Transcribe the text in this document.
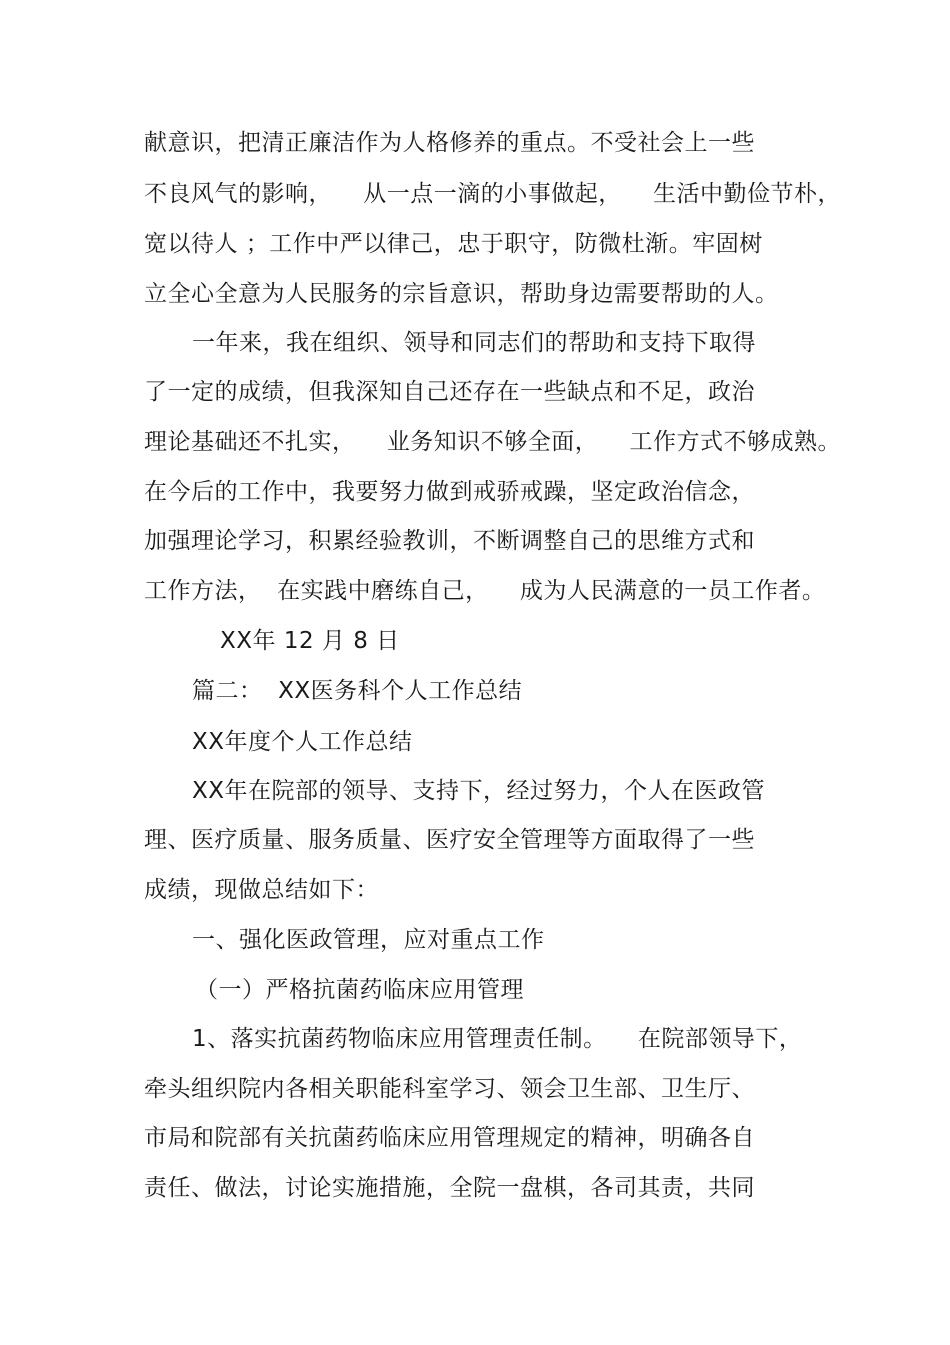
献意识，把清正廉洁作为人格修养的重点。不受社会上一些
不良风气的影响，    从一点一滴的小事做起，    生活中勤俭节朴，
宽以待人 ；工作中严以律己，忠于职守，防微杜渐。牢固树
立全心全意为人民服务的宗旨意识，帮助身边需要帮助的人。
一年来，我在组织、领导和同志们的帮助和支持下取得
了一定的成绩，但我深知自己还存在一些缺点和不足，政治
理论基础还不扎实，    业务知识不够全面，    工作方式不够成熟。
在今后的工作中，我要努力做到戒骄戒躁，坚定政治信念，
加强理论学习，积累经验教训，不断调整自己的思维方式和
工作方法，  在实践中磨练自己，    成为人民满意的一员工作者。
XX年 12 月 8 日
篇二：  XX医务科个人工作总结
XX年度个人工作总结
XX年在院部的领导、支持下，经过努力，个人在医政管
理、医疗质量、服务质量、医疗安全管理等方面取得了一些
成绩，现做总结如下：
一、强化医政管理，应对重点工作
（一）严格抗菌药临床应用管理
1、落实抗菌药物临床应用管理责任制。    在院部领导下，
牵头组织院内各相关职能科室学习、领会卫生部、卫生厅、
市局和院部有关抗菌药临床应用管理规定的精神，明确各自
责任、做法，讨论实施措施，全院一盘棋，各司其责，共同
